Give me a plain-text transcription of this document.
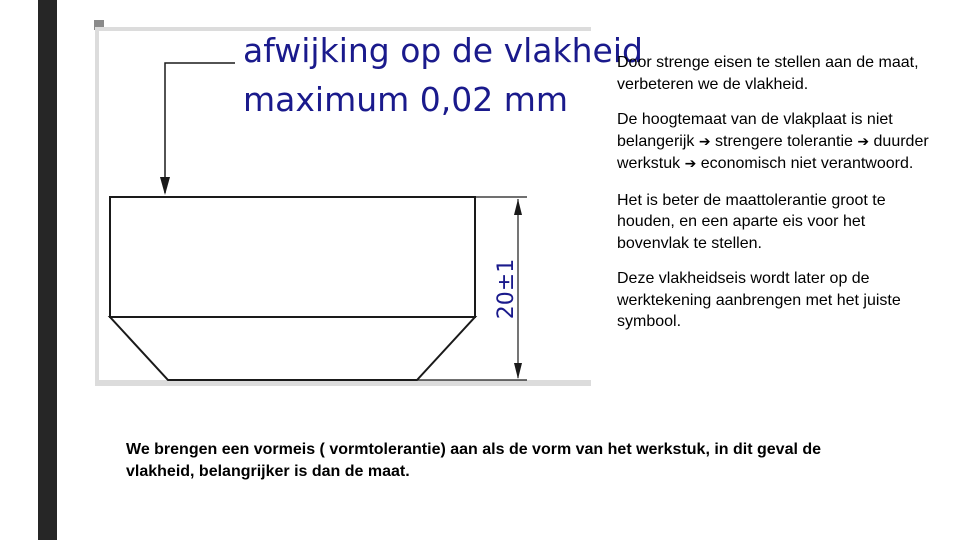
afwijking op de vlakheid
maximum 0,02 mm
20±1

Door strenge eisen te stellen aan de maat, verbeteren we de vlakheid.

De hoogtemaat van de vlakplaat is niet belangerijk ➔ strengere tolerantie ➔ duurder werkstuk ➔ economisch niet verantwoord.

Het is beter de maattolerantie groot te houden, en een aparte eis voor het bovenvlak te stellen.

Deze vlakheidseis wordt later op de werktekening aanbrengen met het juiste symbool.

We brengen een vormeis ( vormtolerantie) aan als de vorm van het werkstuk, in dit geval de vlakheid, belangrijker is dan de maat.
